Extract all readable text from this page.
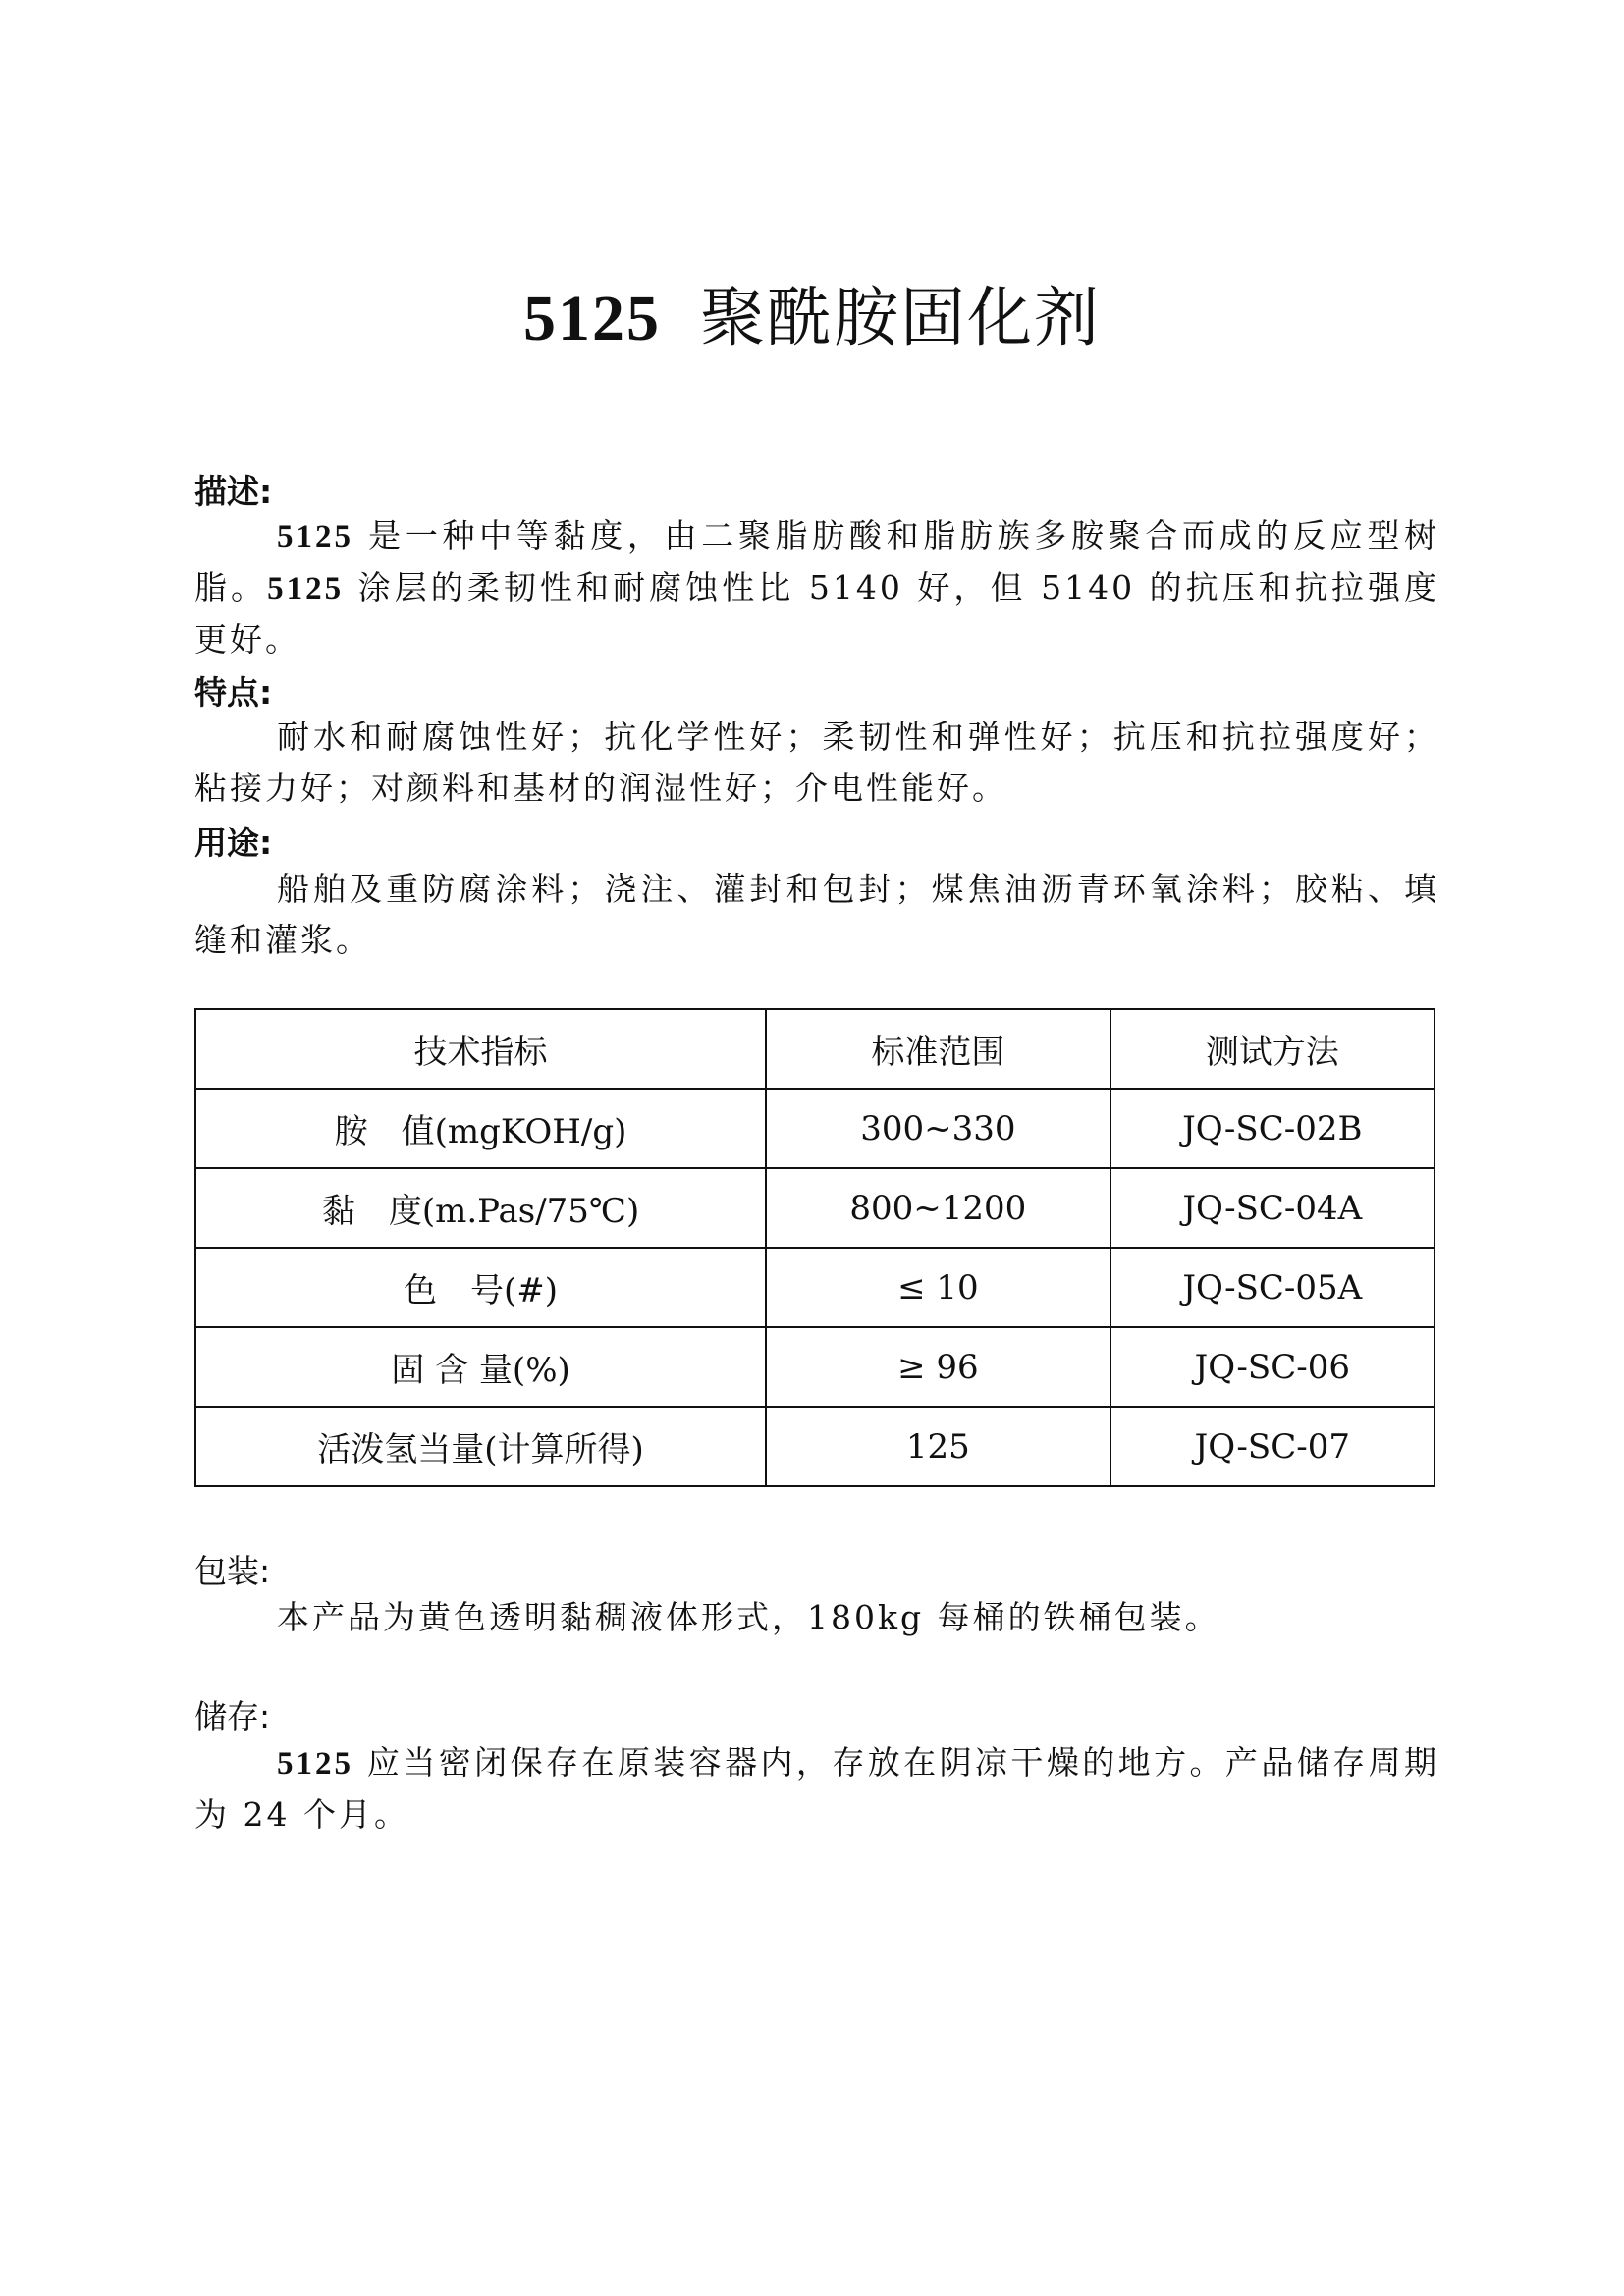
5125 聚酰胺固化剂
描述:
5125 是一种中等黏度，由二聚脂肪酸和脂肪族多胺聚合而成的反应型树脂。5125 涂层的柔韧性和耐腐蚀性比 5140 好，但 5140 的抗压和抗拉强度更好。
特点:
耐水和耐腐蚀性好；抗化学性好；柔韧性和弹性好；抗压和抗拉强度好；粘接力好；对颜料和基材的润湿性好；介电性能好。
用途:
船舶及重防腐涂料；浇注、灌封和包封；煤焦油沥青环氧涂料；胶粘、填缝和灌浆。
技术指标	标准范围	测试方法
胺　值(mgKOH/g)	300~330	JQ-SC-02B
黏　度(m.Pas/75℃)	800~1200	JQ-SC-04A
色　号(#)	≤ 10	JQ-SC-05A
固 含 量(%)	≥ 96	JQ-SC-06
活泼氢当量(计算所得)	125	JQ-SC-07
包装:
本产品为黄色透明黏稠液体形式，180kg 每桶的铁桶包装。
储存:
5125 应当密闭保存在原装容器内，存放在阴凉干燥的地方。产品储存周期为 24 个月。
